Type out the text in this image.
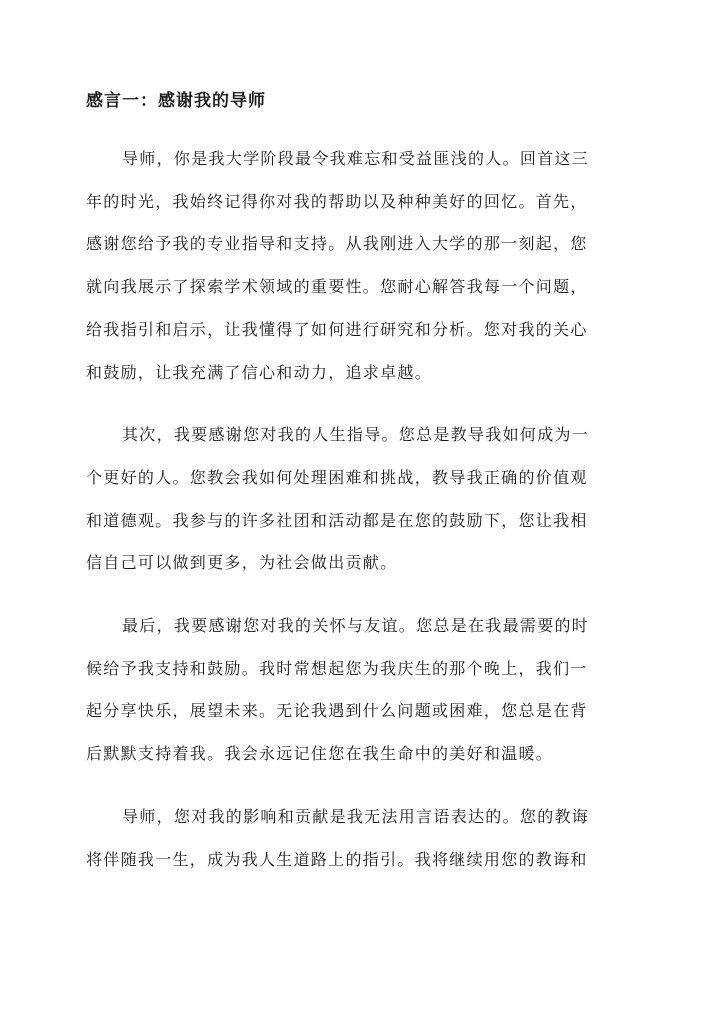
感言一：感谢我的导师

导师，你是我大学阶段最令我难忘和受益匪浅的人。回首这三
年的时光，我始终记得你对我的帮助以及种种美好的回忆。首先，
感谢您给予我的专业指导和支持。从我刚进入大学的那一刻起，您
就向我展示了探索学术领域的重要性。您耐心解答我每一个问题，
给我指引和启示，让我懂得了如何进行研究和分析。您对我的关心
和鼓励，让我充满了信心和动力，追求卓越。

其次，我要感谢您对我的人生指导。您总是教导我如何成为一
个更好的人。您教会我如何处理困难和挑战，教导我正确的价值观
和道德观。我参与的许多社团和活动都是在您的鼓励下，您让我相
信自己可以做到更多，为社会做出贡献。

最后，我要感谢您对我的关怀与友谊。您总是在我最需要的时
候给予我支持和鼓励。我时常想起您为我庆生的那个晚上，我们一
起分享快乐，展望未来。无论我遇到什么问题或困难，您总是在背
后默默支持着我。我会永远记住您在我生命中的美好和温暖。

导师，您对我的影响和贡献是我无法用言语表达的。您的教诲
将伴随我一生，成为我人生道路上的指引。我将继续用您的教诲和
